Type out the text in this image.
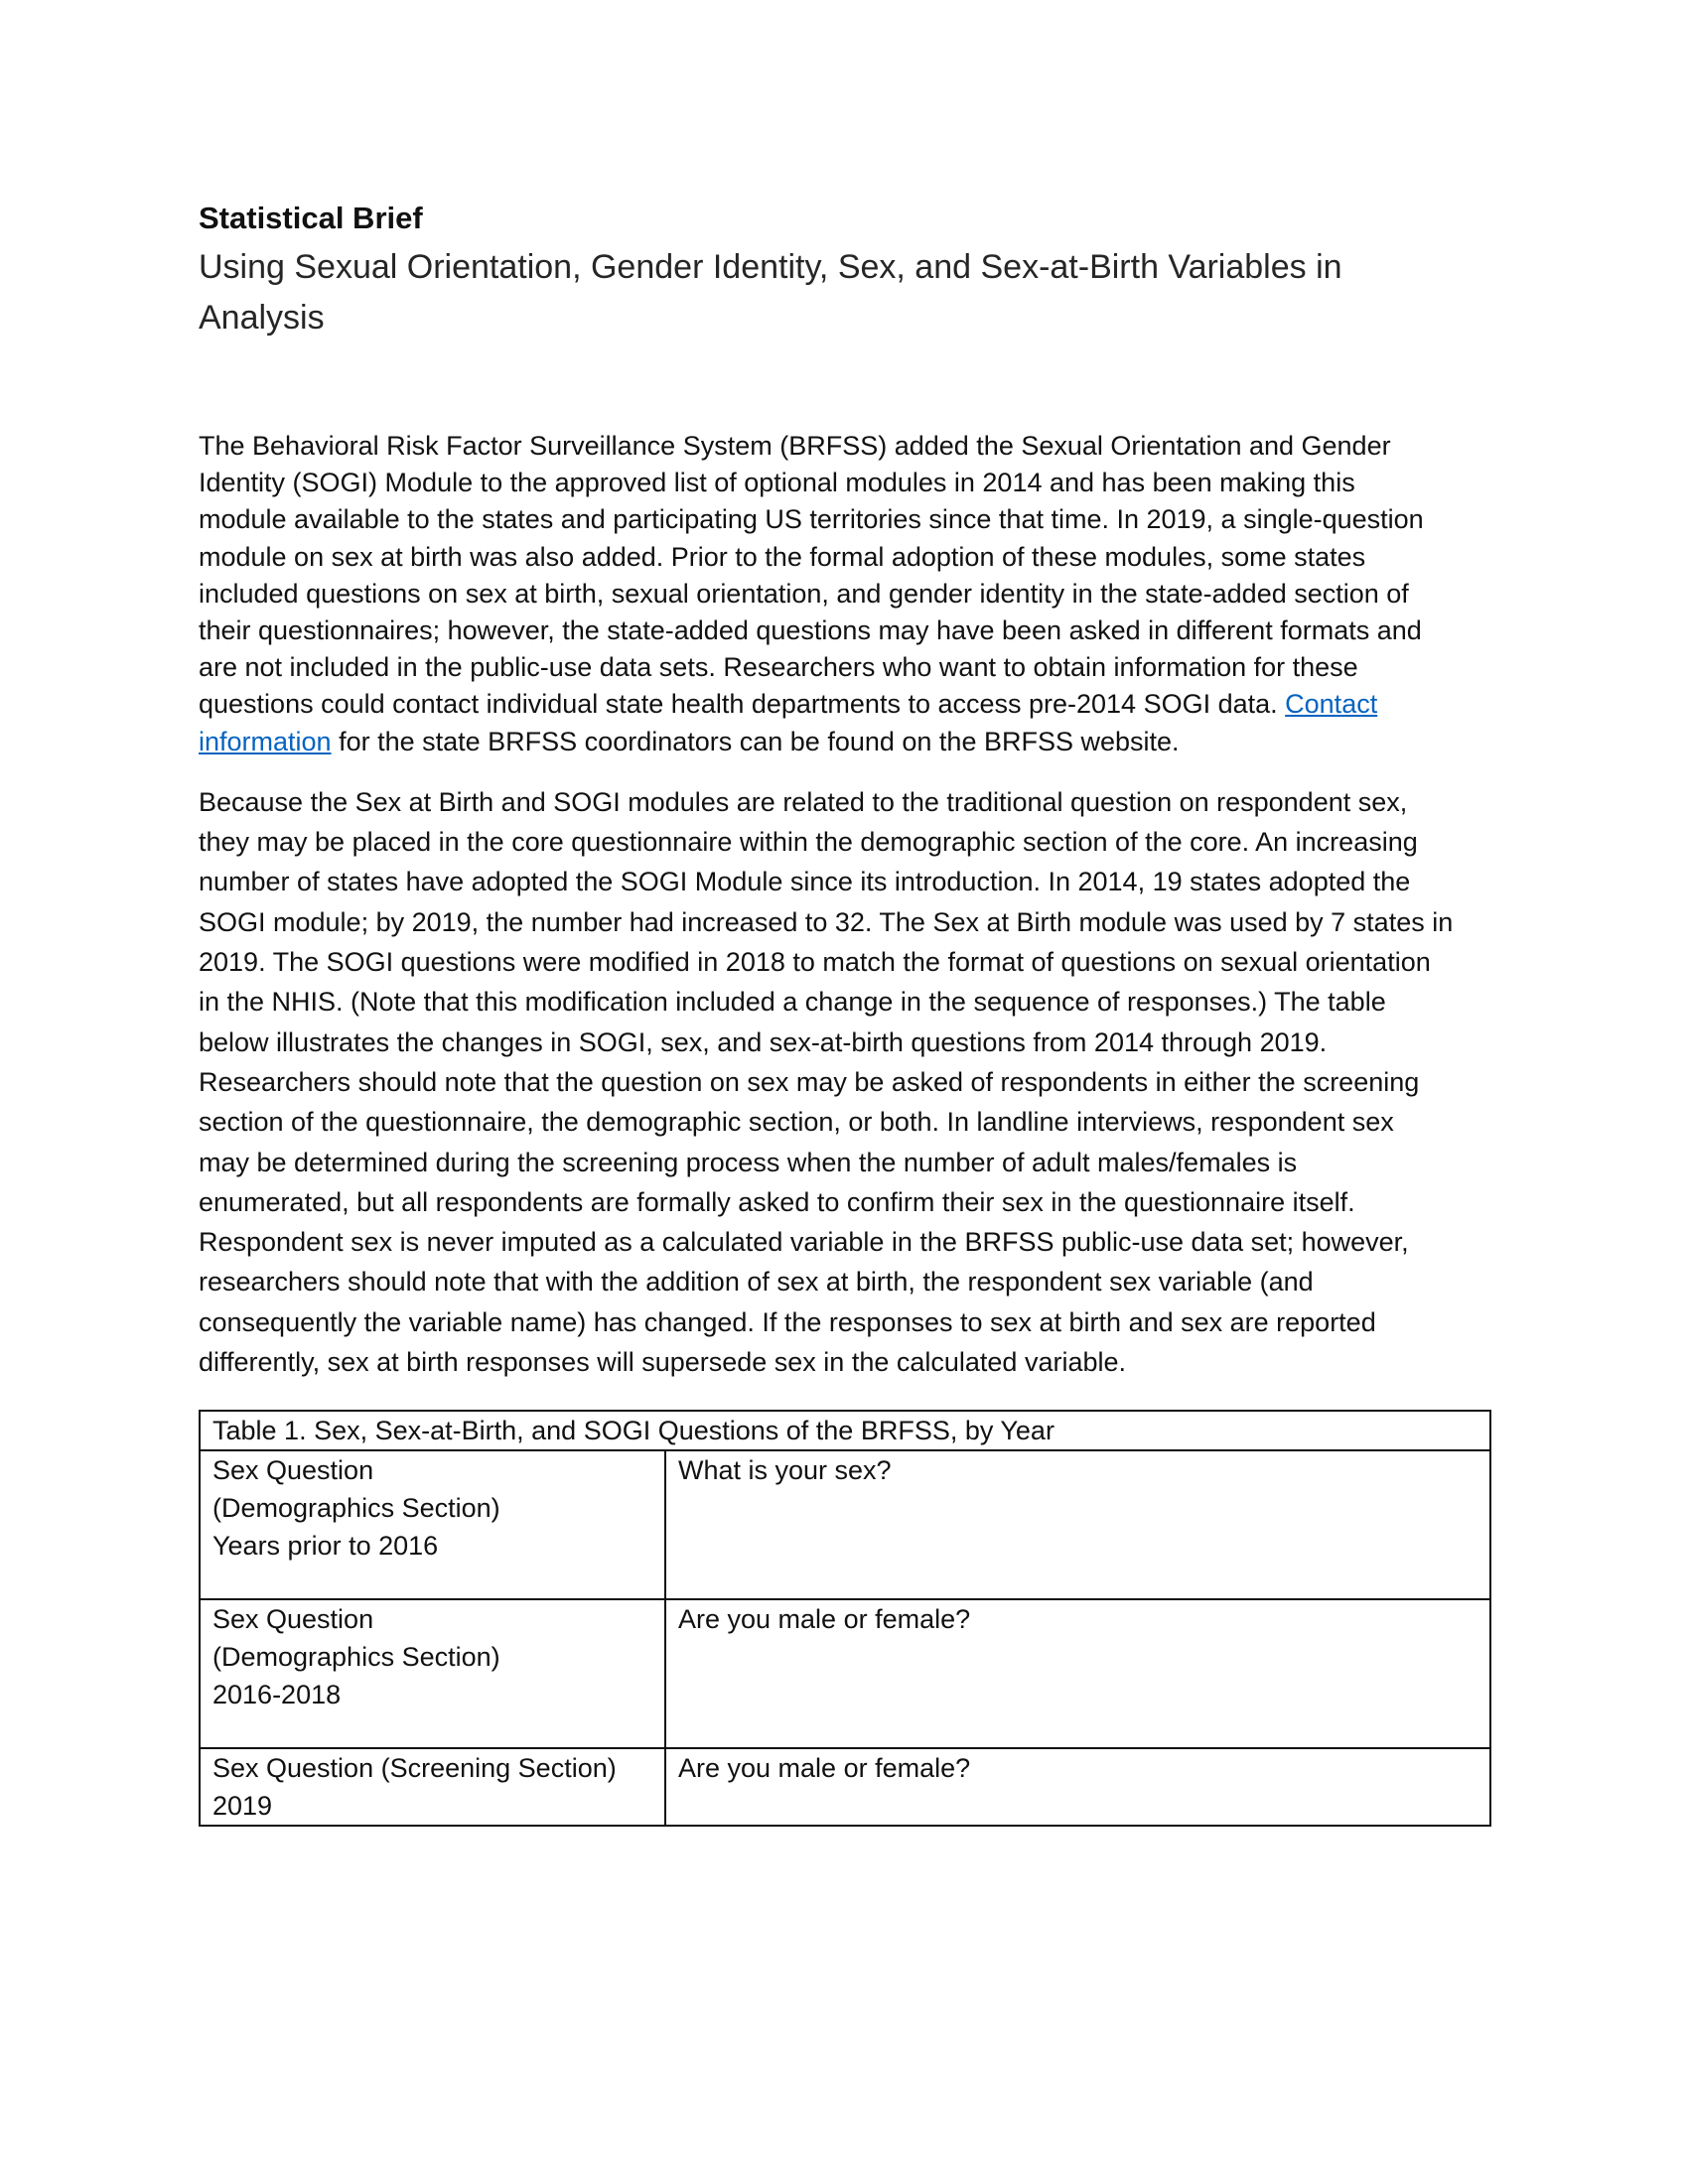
Statistical Brief
Using Sexual Orientation, Gender Identity, Sex, and Sex-at-Birth Variables in Analysis

The Behavioral Risk Factor Surveillance System (BRFSS) added the Sexual Orientation and Gender
Identity (SOGI) Module to the approved list of optional modules in 2014 and has been making this
module available to the states and participating US territories since that time. In 2019, a single-question
module on sex at birth was also added. Prior to the formal adoption of these modules, some states
included questions on sex at birth, sexual orientation, and gender identity in the state-added section of
their questionnaires; however, the state-added questions may have been asked in different formats and
are not included in the public-use data sets. Researchers who want to obtain information for these
questions could contact individual state health departments to access pre-2014 SOGI data. Contact
information for the state BRFSS coordinators can be found on the BRFSS website.

Because the Sex at Birth and SOGI modules are related to the traditional question on respondent sex,
they may be placed in the core questionnaire within the demographic section of the core. An increasing
number of states have adopted the SOGI Module since its introduction. In 2014, 19 states adopted the
SOGI module; by 2019, the number had increased to 32. The Sex at Birth module was used by 7 states in
2019. The SOGI questions were modified in 2018 to match the format of questions on sexual orientation
in the NHIS. (Note that this modification included a change in the sequence of responses.) The table
below illustrates the changes in SOGI, sex, and sex-at-birth questions from 2014 through 2019.
Researchers should note that the question on sex may be asked of respondents in either the screening
section of the questionnaire, the demographic section, or both. In landline interviews, respondent sex
may be determined during the screening process when the number of adult males/females is
enumerated, but all respondents are formally asked to confirm their sex in the questionnaire itself.
Respondent sex is never imputed as a calculated variable in the BRFSS public-use data set; however,
researchers should note that with the addition of sex at birth, the respondent sex variable (and
consequently the variable name) has changed. If the responses to sex at birth and sex are reported
differently, sex at birth responses will supersede sex in the calculated variable.

Table 1. Sex, Sex-at-Birth, and SOGI Questions of the BRFSS, by Year	

Sex Question
(Demographics Section)
Years prior to 2016	What is your sex?

Sex Question
(Demographics Section)
2016-2018	Are you male or female?

Sex Question (Screening Section)
2019	Are you male or female?
